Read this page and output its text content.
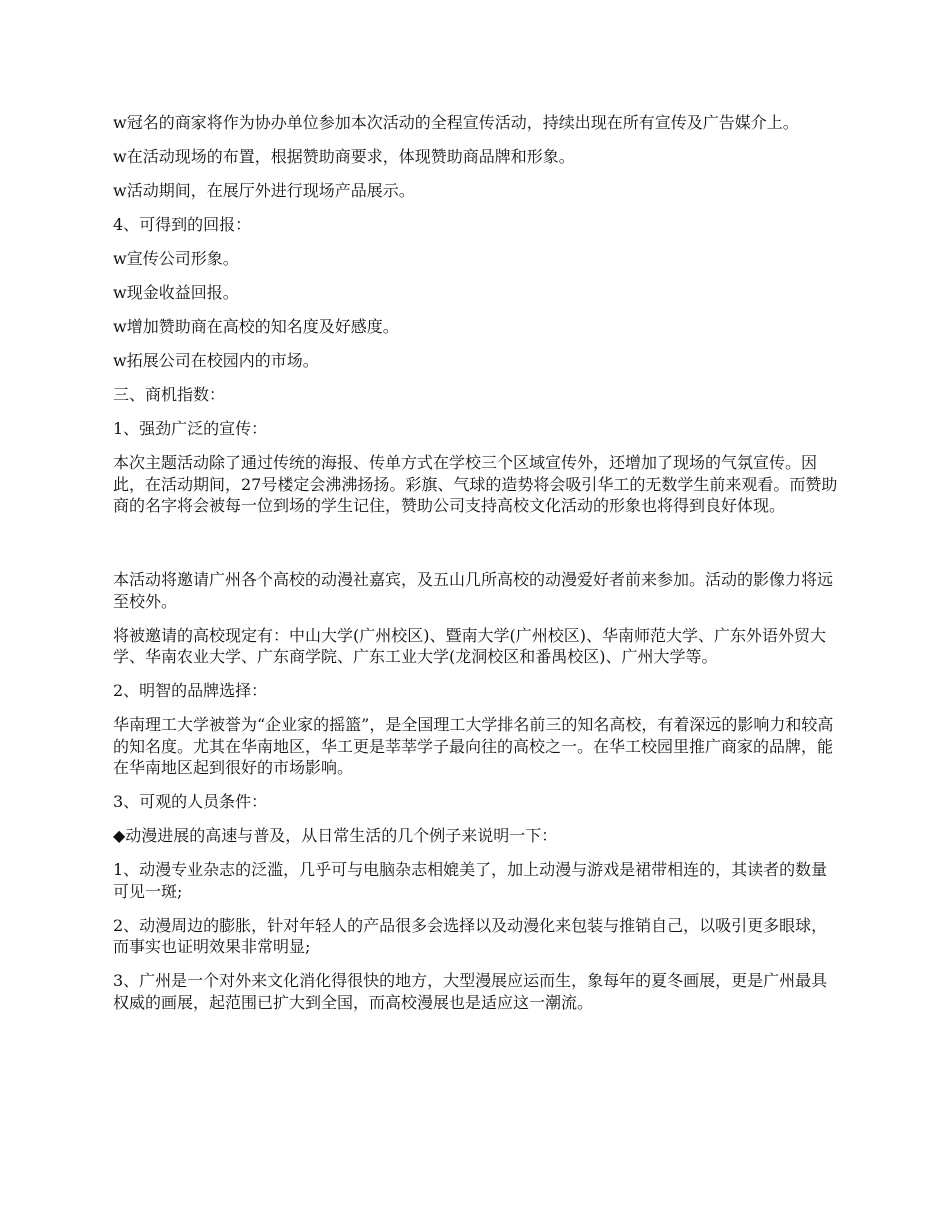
w冠名的商家将作为协办单位参加本次活动的全程宣传活动，持续出现在所有宣传及广告媒介上。

w在活动现场的布置，根据赞助商要求，体现赞助商品牌和形象。

w活动期间，在展厅外进行现场产品展示。

4、可得到的回报：

w宣传公司形象。

w现金收益回报。

w增加赞助商在高校的知名度及好感度。

w拓展公司在校园内的市场。

三、商机指数：

1、强劲广泛的宣传：

本次主题活动除了通过传统的海报、传单方式在学校三个区域宣传外，还增加了现场的气氛宣传。因此，在活动期间，27号楼定会沸沸扬扬。彩旗、气球的造势将会吸引华工的无数学生前来观看。而赞助商的名字将会被每一位到场的学生记住，赞助公司支持高校文化活动的形象也将得到良好体现。

本活动将邀请广州各个高校的动漫社嘉宾，及五山几所高校的动漫爱好者前来参加。活动的影像力将远至校外。

将被邀请的高校现定有：中山大学(广州校区)、暨南大学(广州校区)、华南师范大学、广东外语外贸大学、华南农业大学、广东商学院、广东工业大学(龙洞校区和番禺校区)、广州大学等。

2、明智的品牌选择：

华南理工大学被誉为“企业家的摇篮”，是全国理工大学排名前三的知名高校，有着深远的影响力和较高的知名度。尤其在华南地区，华工更是莘莘学子最向往的高校之一。在华工校园里推广商家的品牌，能在华南地区起到很好的市场影响。

3、可观的人员条件：

◆动漫进展的高速与普及，从日常生活的几个例子来说明一下：

1、动漫专业杂志的泛滥，几乎可与电脑杂志相媲美了，加上动漫与游戏是裙带相连的，其读者的数量可见一斑;

2、动漫周边的膨胀，针对年轻人的产品很多会选择以及动漫化来包装与推销自己，以吸引更多眼球，而事实也证明效果非常明显;

3、广州是一个对外来文化消化得很快的地方，大型漫展应运而生，象每年的夏冬画展，更是广州最具权威的画展，起范围已扩大到全国，而高校漫展也是适应这一潮流。
